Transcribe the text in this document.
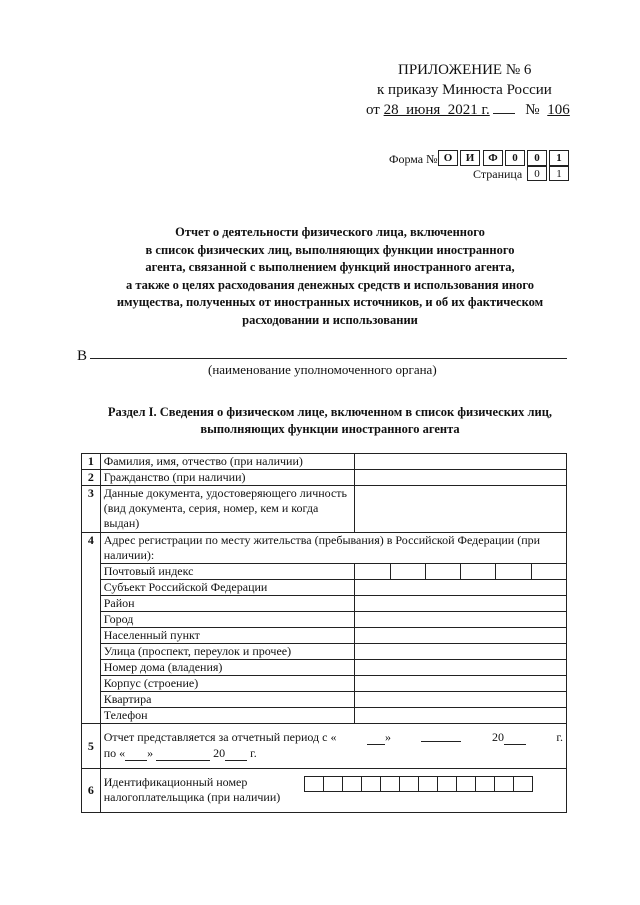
ПРИЛОЖЕНИЕ № 6
к приказу Минюста России
от 28  июня  2021 г. № 106
Форма № О	И	Ф	0	0	1
Страница	0	1
Отчет о деятельности физического лица, включенного
в список физических лиц, выполняющих функции иностранного
агента, связанной с выполнением функций иностранного агента,
а также о целях расходования денежных средств и использования иного
имущества, полученных от иностранных источников, и об их фактическом
расходовании и использовании
В
(наименование уполномоченного органа)
Раздел I. Сведения о физическом лице, включенном в список физических лиц,
выполняющих функции иностранного агента
1	Фамилия, имя, отчество (при наличии)	
2	Гражданство (при наличии)	
3	Данные документа, удостоверяющего личность (вид документа, серия, номер, кем и когда выдан)	
4	Адрес регистрации по месту жительства (пребывания) в Российской Федерации (при наличии):	
	Почтовый индекс	

	Субъект Российской Федерации	
	Район	
	Город	
	Населенный пункт	
	Улица (проспект, переулок и прочее)	
	Номер дома (владения)	
	Корпус (строение)	
	Квартира	
	Телефон	
5	Отчет представляется за отчетный период с « » 20 г.
по « » 20 г.	

6	Идентификационный номер налогоплательщика (при наличии)	
